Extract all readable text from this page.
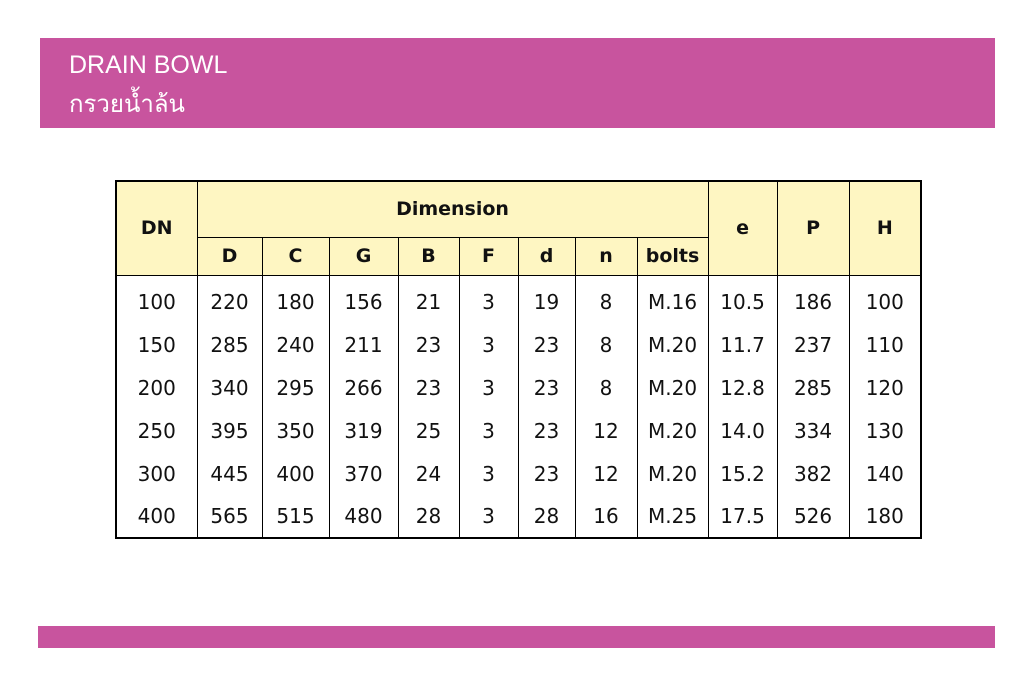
DRAIN BOWL
กรวยน้ำล้น
DN	Dimension								e	P	H
	D	C	G	B	F	d	n	bolts			
100	220	180	156	21	3	19	8	M.16	10.5	186	100
150	285	240	211	23	3	23	8	M.20	11.7	237	110
200	340	295	266	23	3	23	8	M.20	12.8	285	120
250	395	350	319	25	3	23	12	M.20	14.0	334	130
300	445	400	370	24	3	23	12	M.20	15.2	382	140
400	565	515	480	28	3	28	16	M.25	17.5	526	180
